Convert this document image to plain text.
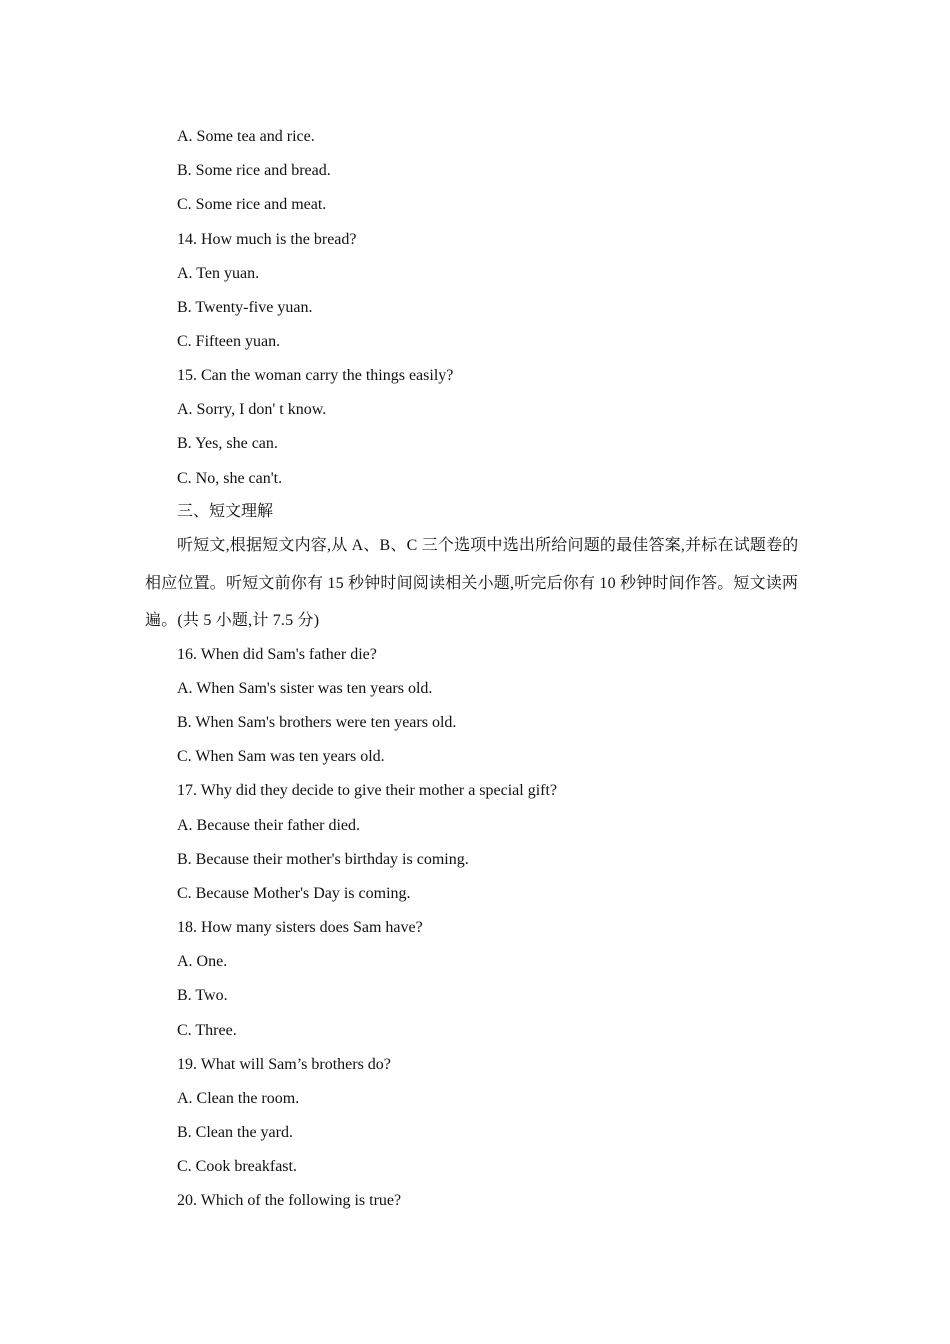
A. Some tea and rice.
B. Some rice and bread.
C. Some rice and meat.
14. How much is the bread?
A. Ten yuan.
B. Twenty-five yuan.
C. Fifteen yuan.
15. Can the woman carry the things easily?
A. Sorry, I don' t know.
B. Yes, she can.
C. No, she can't.
三、短文理解
听短文,根据短文内容,从 A、B、C 三个选项中选出所给问题的最佳答案,并标在试题卷的相应位置。听短文前你有 15 秒钟时间阅读相关小题,听完后你有 10 秒钟时间作答。短文读两遍。(共 5 小题,计 7.5 分)
16. When did Sam's father die?
A. When Sam's sister was ten years old.
B. When Sam's brothers were ten years old.
C. When Sam was ten years old.
17. Why did they decide to give their mother a special gift?
A. Because their father died.
B. Because their mother's birthday is coming.
C. Because Mother's Day is coming.
18. How many sisters does Sam have?
A. One.
B. Two.
C. Three.
19. What will Sam’s brothers do?
A. Clean the room.
B. Clean the yard.
C. Cook breakfast.
20. Which of the following is true?
